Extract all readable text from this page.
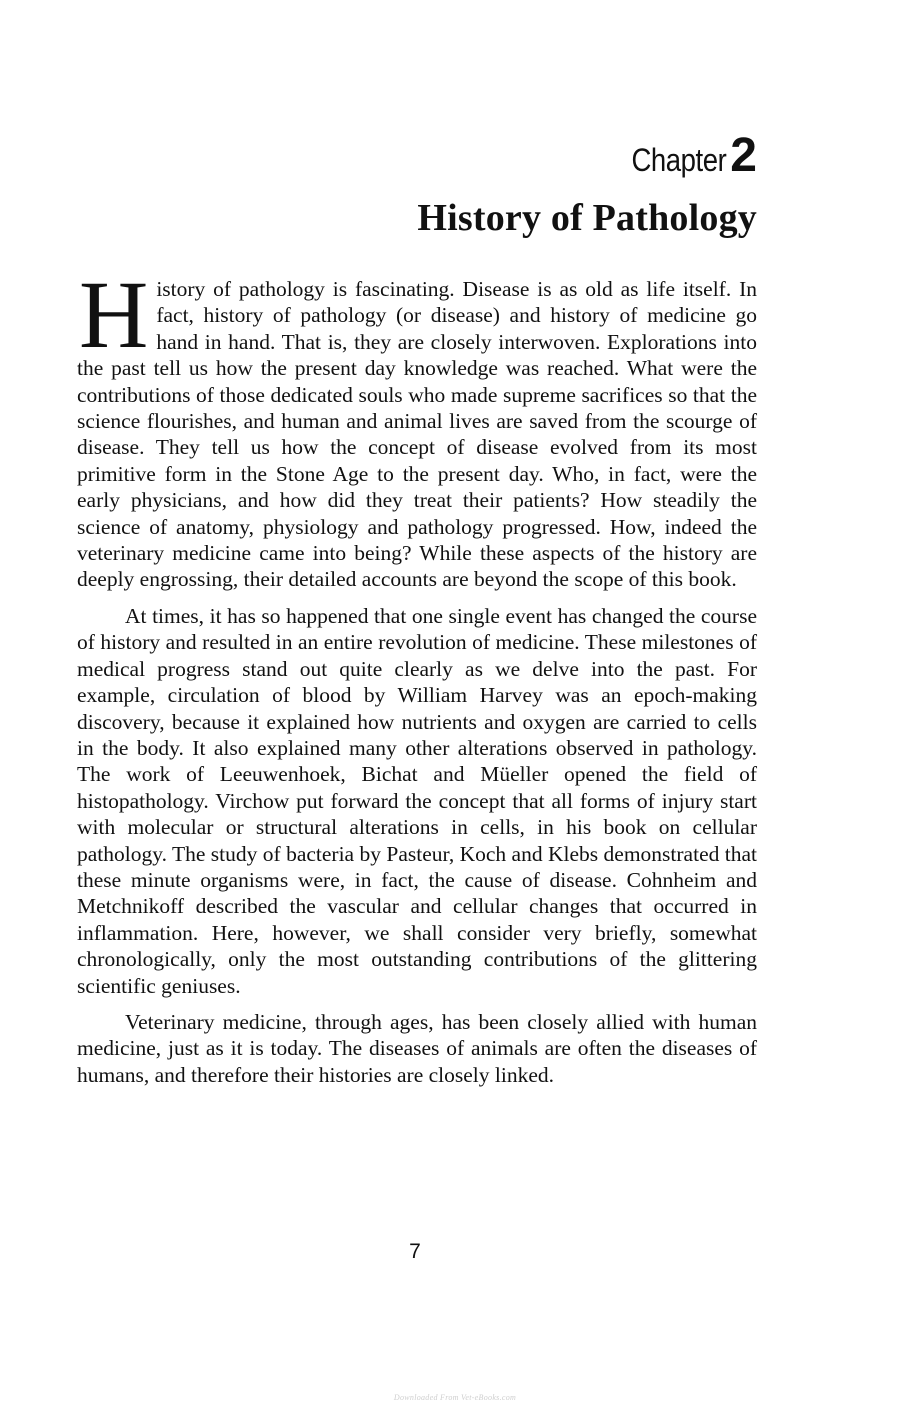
Chapter2
History of Pathology

History of pathology is fascinating. Disease is as old as life itself. In fact, history of pathology (or disease) and history of medicine go hand in hand. That is, they are closely interwoven. Explorations into the past tell us how the present day knowledge was reached. What were the contributions of those dedicated souls who made supreme sacrifices so that the science flourishes, and human and animal lives are saved from the scourge of disease. They tell us how the concept of disease evolved from its most primitive form in the Stone Age to the present day. Who, in fact, were the early physicians, and how did they treat their patients? How steadily the science of anatomy, physiology and pathology progressed. How, indeed the veterinary medicine came into being? While these aspects of the history are deeply engrossing, their detailed accounts are beyond the scope of this book.

At times, it has so happened that one single event has changed the course of history and resulted in an entire revolution of medicine. These milestones of medical progress stand out quite clearly as we delve into the past. For example, circulation of blood by William Harvey was an epoch-making discovery, because it explained how nutrients and oxygen are carried to cells in the body. It also explained many other alterations observed in pathology. The work of Leeuwenhoek, Bichat and Müeller opened the field of histopathology. Virchow put forward the concept that all forms of injury start with molecular or structural alterations in cells, in his book on cellular pathology. The study of bacteria by Pasteur, Koch and Klebs demonstrated that these minute organisms were, in fact, the cause of disease. Cohnheim and Metchnikoff described the vascular and cellular changes that occurred in inflammation. Here, however, we shall consider very briefly, somewhat chronologically, only the most outstanding contributions of the glittering scientific geniuses.

Veterinary medicine, through ages, has been closely allied with human medicine, just as it is today. The diseases of animals are often the diseases of humans, and therefore their histories are closely linked.

7
Downloaded From Vet-eBooks.com
